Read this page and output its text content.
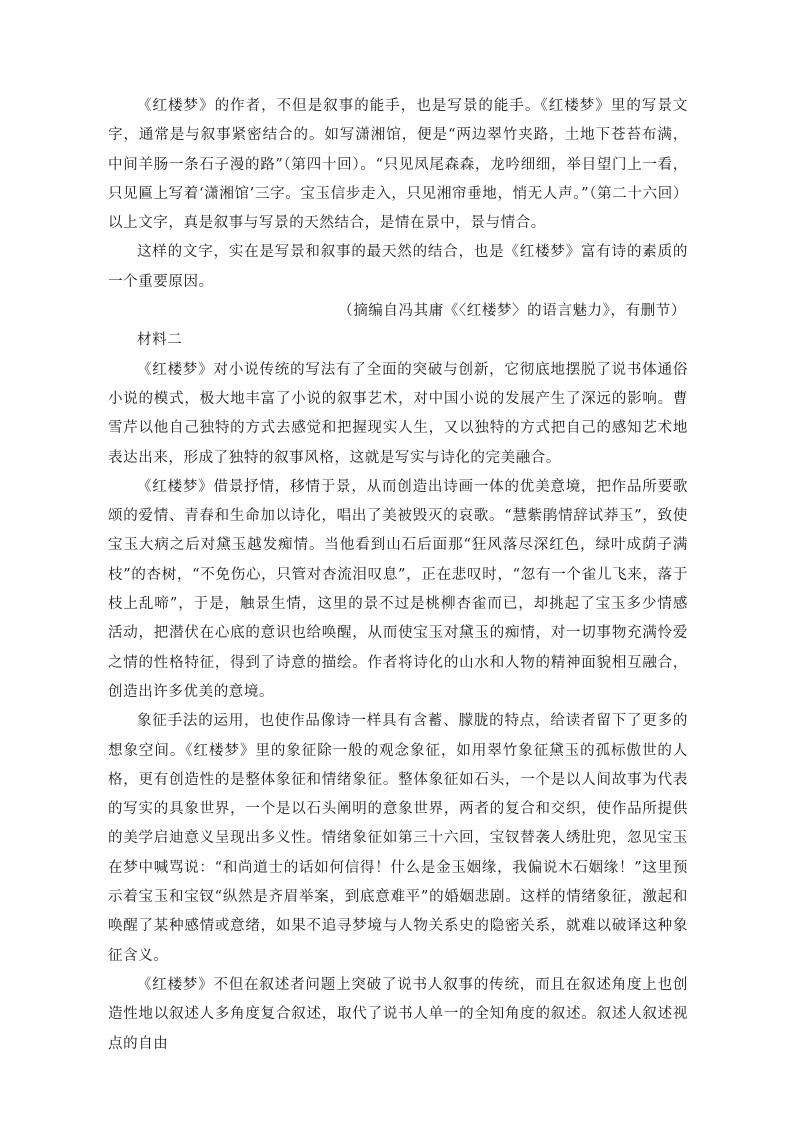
《红楼梦》的作者，不但是叙事的能手，也是写景的能手。《红楼梦》里的写景文字，通常是与叙事紧密结合的。如写潇湘馆，便是“两边翠竹夹路，土地下苍苔布满，中间羊肠一条石子漫的路”（第四十回）。“只见凤尾森森，龙吟细细，举目望门上一看，只见匾上写着‘潇湘馆’三字。宝玉信步走入，只见湘帘垂地，悄无人声。”（第二十六回）以上文字，真是叙事与写景的天然结合，是情在景中，景与情合。

这样的文字，实在是写景和叙事的最天然的结合，也是《红楼梦》富有诗的素质的一个重要原因。

（摘编自冯其庸《〈红楼梦〉的语言魅力》，有删节）

材料二

《红楼梦》对小说传统的写法有了全面的突破与创新，它彻底地摆脱了说书体通俗小说的模式，极大地丰富了小说的叙事艺术，对中国小说的发展产生了深远的影响。曹雪芹以他自己独特的方式去感觉和把握现实人生，又以独特的方式把自己的感知艺术地表达出来，形成了独特的叙事风格，这就是写实与诗化的完美融合。

《红楼梦》借景抒情，移情于景，从而创造出诗画一体的优美意境，把作品所要歌颂的爱情、青春和生命加以诗化，唱出了美被毁灭的哀歌。“慧紫鹃情辞试莽玉”，致使宝玉大病之后对黛玉越发痴情。当他看到山石后面那“狂风落尽深红色，绿叶成荫子满枝”的杏树，“不免伤心，只管对杏流泪叹息”，正在悲叹时，“忽有一个雀儿飞来，落于枝上乱啼”，于是，触景生情，这里的景不过是桃柳杏雀而已，却挑起了宝玉多少情感活动，把潜伏在心底的意识也给唤醒，从而使宝玉对黛玉的痴情，对一切事物充满怜爱之情的性格特征，得到了诗意的描绘。作者将诗化的山水和人物的精神面貌相互融合，创造出许多优美的意境。

象征手法的运用，也使作品像诗一样具有含蓄、朦胧的特点，给读者留下了更多的想象空间。《红楼梦》里的象征除一般的观念象征，如用翠竹象征黛玉的孤标傲世的人格，更有创造性的是整体象征和情绪象征。整体象征如石头，一个是以人间故事为代表的写实的具象世界，一个是以石头阐明的意象世界，两者的复合和交织，使作品所提供的美学启迪意义呈现出多义性。情绪象征如第三十六回，宝钗替袭人绣肚兜，忽见宝玉在梦中喊骂说：“和尚道士的话如何信得！什么是金玉姻缘，我偏说木石姻缘！”这里预示着宝玉和宝钗“纵然是齐眉举案，到底意难平”的婚姻悲剧。这样的情绪象征，激起和唤醒了某种感情或意绪，如果不追寻梦境与人物关系史的隐密关系，就难以破译这种象征含义。

《红楼梦》不但在叙述者问题上突破了说书人叙事的传统，而且在叙述角度上也创造性地以叙述人多角度复合叙述，取代了说书人单一的全知角度的叙述。叙述人叙述视点的自由
